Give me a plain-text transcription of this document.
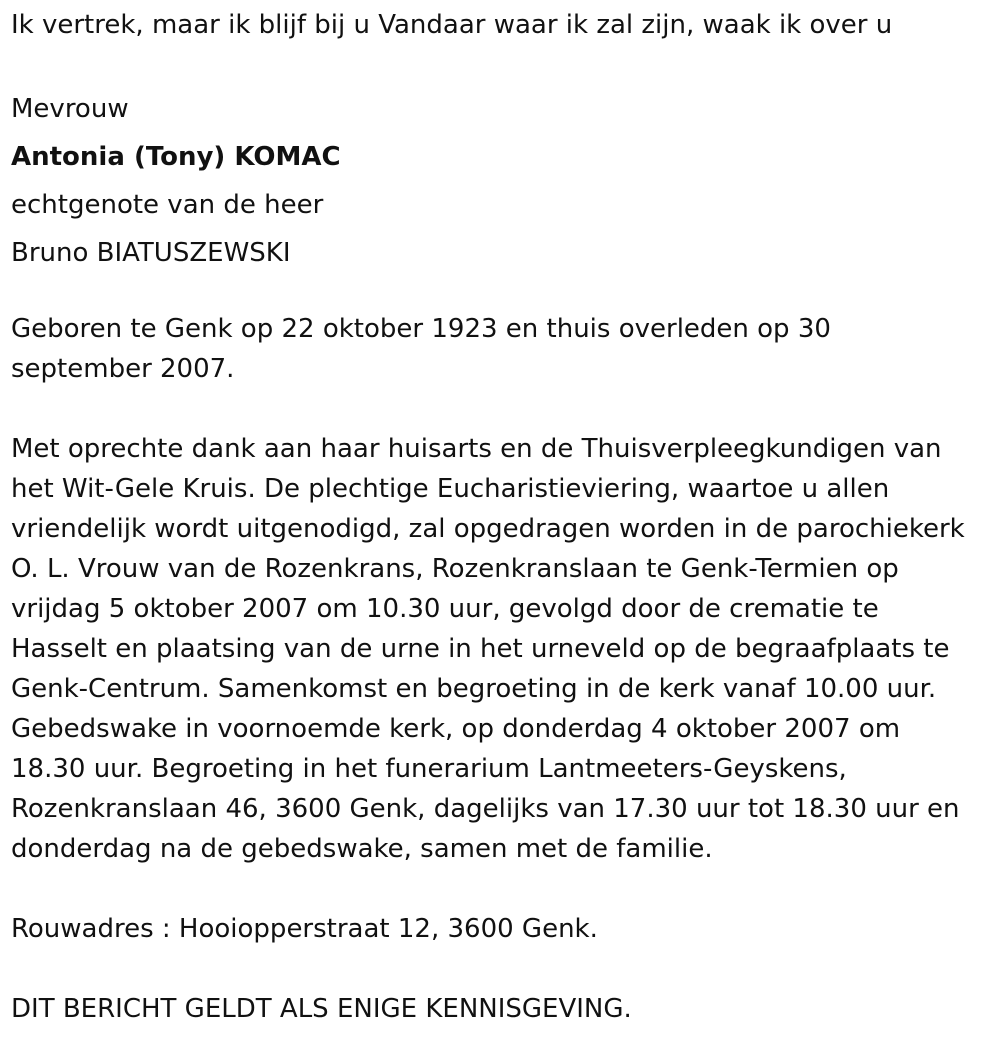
Ik vertrek, maar ik blijf bij u Vandaar waar ik zal zijn, waak ik over u
Mevrouw
Antonia (Tony) KOMAC
echtgenote van de heer
Bruno BIATUSZEWSKI
Geboren te Genk op 22 oktober 1923 en thuis overleden op 30
september 2007.
Met oprechte dank aan haar huisarts en de Thuisverpleegkundigen van
het Wit-Gele Kruis. De plechtige Eucharistieviering, waartoe u allen
vriendelijk wordt uitgenodigd, zal opgedragen worden in de parochiekerk
O. L. Vrouw van de Rozenkrans, Rozenkranslaan te Genk-Termien op
vrijdag 5 oktober 2007 om 10.30 uur, gevolgd door de crematie te
Hasselt en plaatsing van de urne in het urneveld op de begraafplaats te
Genk-Centrum. Samenkomst en begroeting in de kerk vanaf 10.00 uur.
Gebedswake in voornoemde kerk, op donderdag 4 oktober 2007 om
18.30 uur. Begroeting in het funerarium Lantmeeters-Geyskens,
Rozenkranslaan 46, 3600 Genk, dagelijks van 17.30 uur tot 18.30 uur en
donderdag na de gebedswake, samen met de familie.
Rouwadres : Hooiopperstraat 12, 3600 Genk.
DIT BERICHT GELDT ALS ENIGE KENNISGEVING.
